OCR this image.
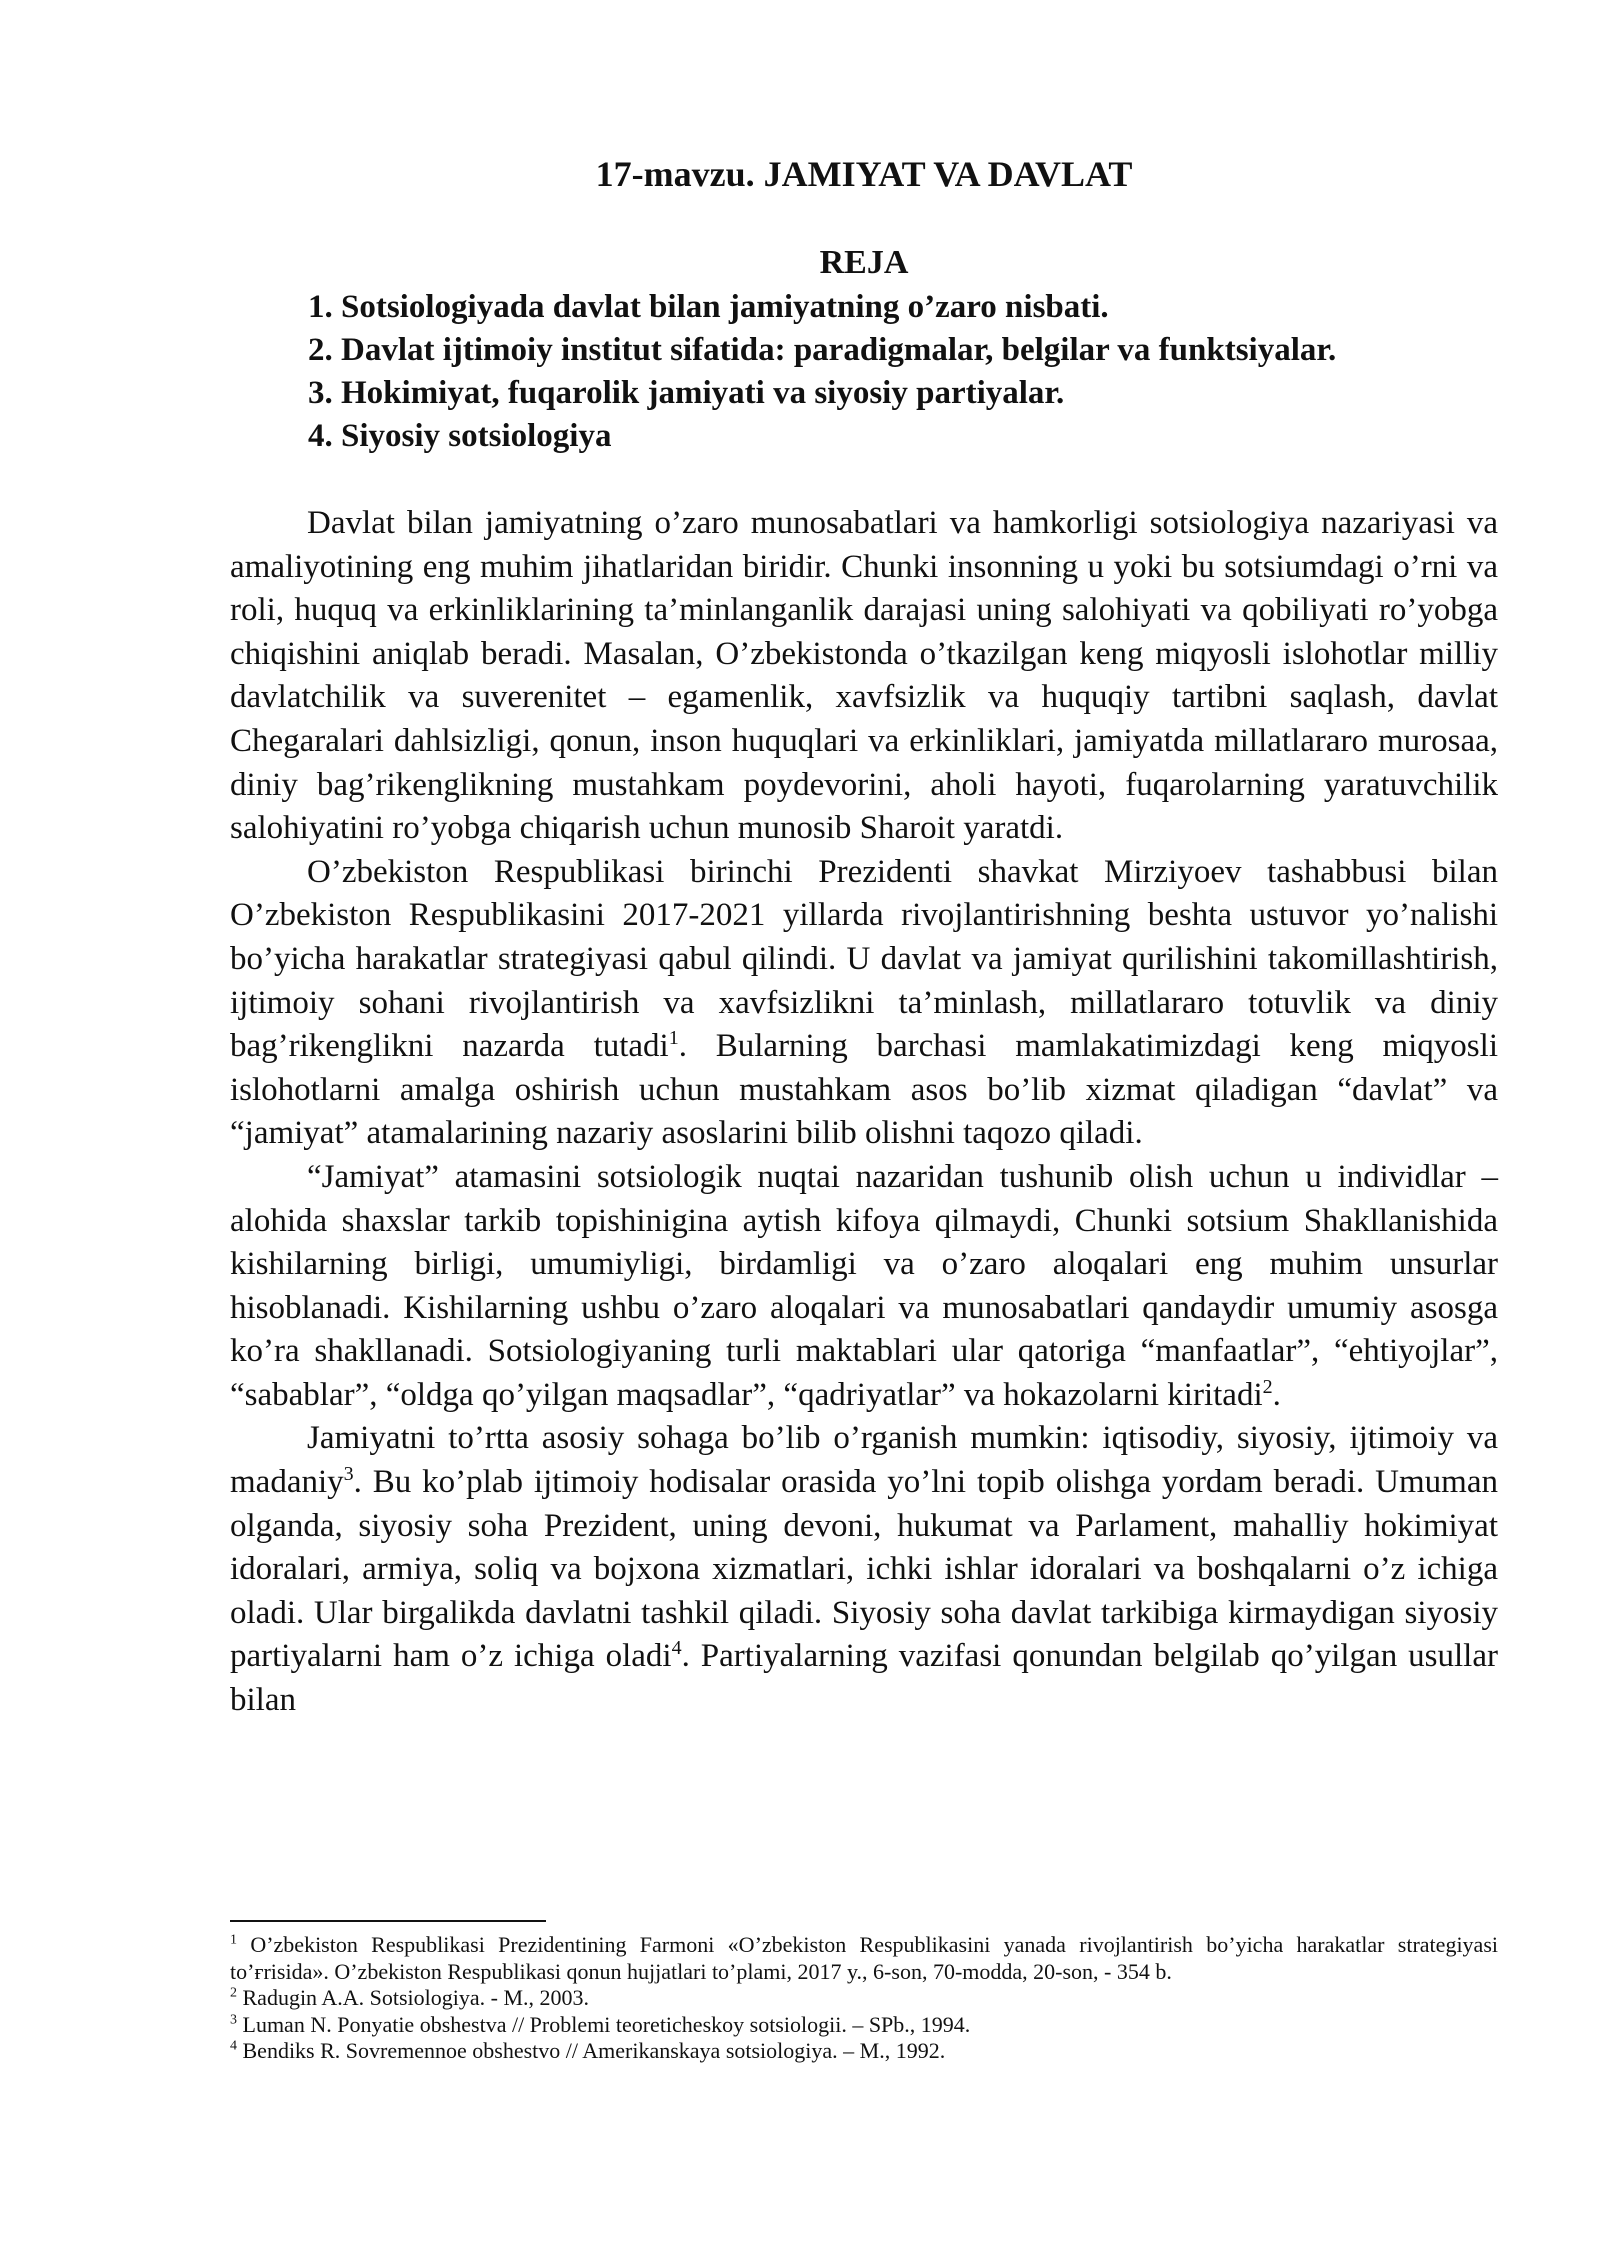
17-mavzu. JAMIYAT VA DAVLAT
REJA
1. Sotsiologiyada davlat bilan jamiyatning o’zaro nisbati.
2. Davlat ijtimoiy institut sifatida: paradigmalar, belgilar va funktsiyalar.
3. Hokimiyat, fuqarolik jamiyati va siyosiy partiyalar.
4. Siyosiy sotsiologiya

Davlat bilan jamiyatning o’zaro munosabatlari va hamkorligi sotsiologiya nazariyasi va amaliyotining eng muhim jihatlaridan biridir. Chunki insonning u yoki bu sotsiumdagi o’rni va roli, huquq va erkinliklarining ta’minlanganlik darajasi uning salohiyati va qobiliyati ro’yobga chiqishini aniqlab beradi. Masalan, O’zbekistonda o’tkazilgan keng miqyosli islohotlar milliy davlatchilik va suverenitet – egamenlik, xavfsizlik va huquqiy tartibni saqlash, davlat Chegaralari dahlsizligi, qonun, inson huquqlari va erkinliklari, jamiyatda millatlararo murosaa, diniy bag’rikenglikning mustahkam poydevorini, aholi hayoti, fuqarolarning yaratuvchilik salohiyatini ro’yobga chiqarish uchun munosib Sharoit yaratdi.

O’zbekiston Respublikasi birinchi Prezidenti shavkat Mirziyoev tashabbusi bilan O’zbekiston Respublikasini 2017-2021 yillarda rivojlantirishning beshta ustuvor yo’nalishi bo’yicha harakatlar strategiyasi qabul qilindi. U davlat va jamiyat qurilishini takomillashtirish, ijtimoiy sohani rivojlantirish va xavfsizlikni ta’minlash, millatlararo totuvlik va diniy bag’rikenglikni nazarda tutadi$^1$. Bularning barchasi mamlakatimizdagi keng miqyosli islohotlarni amalga oshirish uchun mustahkam asos bo’lib xizmat qiladigan “davlat” va “jamiyat” atamalarining nazariy asoslarini bilib olishni taqozo qiladi.

“Jamiyat” atamasini sotsiologik nuqtai nazaridan tushunib olish uchun u individlar – alohida shaxslar tarkib topishinigina aytish kifoya qilmaydi, Chunki sotsium Shakllanishida kishilarning birligi, umumiyligi, birdamligi va o’zaro aloqalari eng muhim unsurlar hisoblanadi. Kishilarning ushbu o’zaro aloqalari va munosabatlari qandaydir umumiy asosga ko’ra shakllanadi. Sotsiologiyaning turli maktablari ular qatoriga “manfaatlar”, “ehtiyojlar”, “sabablar”, “oldga qo’yilgan maqsadlar”, “qadriyatlar” va hokazolarni kiritadi$^2$.

Jamiyatni to’rtta asosiy sohaga bo’lib o’rganish mumkin: iqtisodiy, siyosiy, ijtimoiy va madaniy$^3$. Bu ko’plab ijtimoiy hodisalar orasida yo’lni topib olishga yordam beradi. Umuman olganda, siyosiy soha Prezident, uning devoni, hukumat va Parlament, mahalliy hokimiyat idoralari, armiya, soliq va bojxona xizmatlari, ichki ishlar idoralari va boshqalarni o’z ichiga oladi. Ular birgalikda davlatni tashkil qiladi. Siyosiy soha davlat tarkibiga kirmaydigan siyosiy partiyalarni ham o’z ichiga oladi$^4$. Partiyalarning vazifasi qonundan belgilab qo’yilgan usullar bilan

$^1$ O’zbekiston Respublikasi Prezidentining Farmoni «O’zbekiston Respublikasini yanada rivojlantirish bo’yicha harakatlar strategiyasi to’ғrisida». O’zbekiston Respublikasi qonun hujjatlari to’plami, 2017 y., 6-son, 70-modda, 20-son, - 354 b.

$^2$ Radugin A.A. Sotsiologiya. - M., 2003.

$^3$ Luman N. Ponyatie obshestva // Problemi teoreticheskoy sotsiologii. – SPb., 1994.

$^4$ Bendiks R. Sovremennoe obshestvo // Amerikanskaya sotsiologiya. – M., 1992.
